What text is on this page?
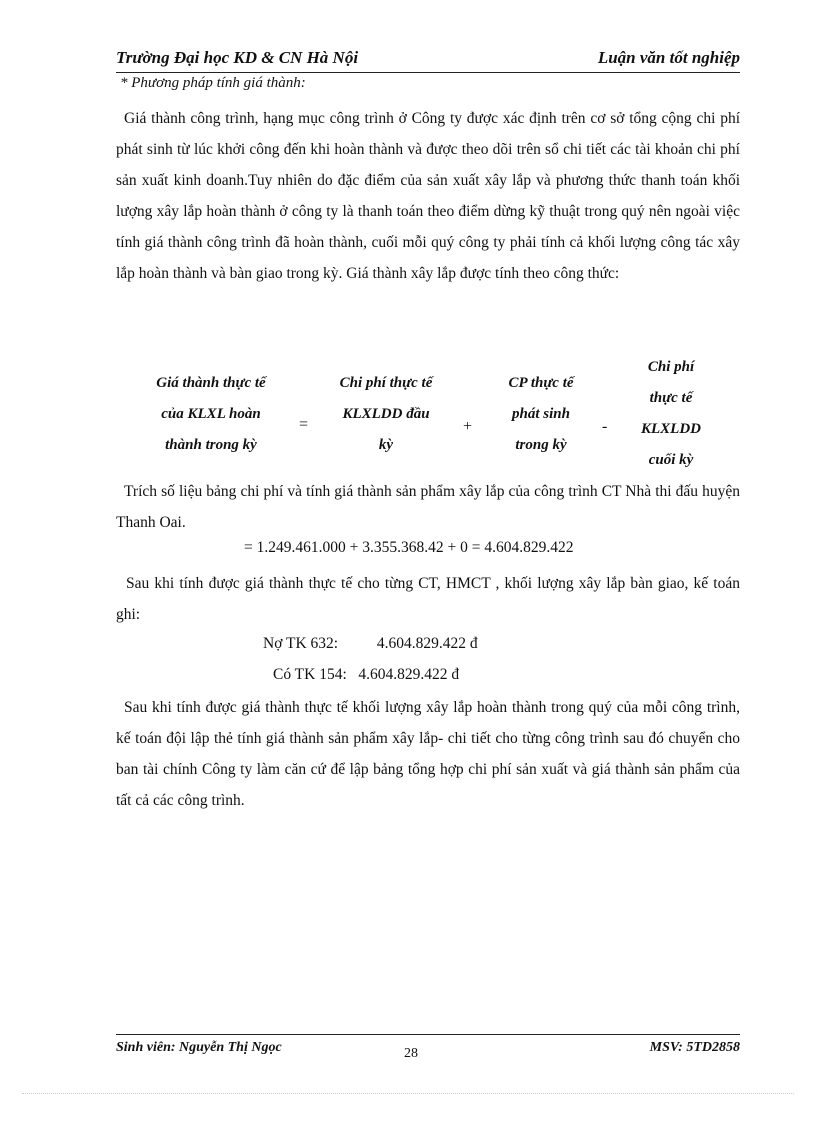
Trường Đại học KD & CN Hà Nội	Luận văn tốt nghiệp
* Phương pháp tính giá thành:

Giá thành công trình, hạng mục công trình ở Công ty được xác định trên cơ sở tổng cộng chi phí phát sinh từ lúc khởi công đến khi hoàn thành và được theo dõi trên sổ chi tiết các tài khoản chi phí sản xuất kinh doanh.Tuy nhiên do đặc điểm của sản xuất xây lắp và phương thức thanh toán khối lượng xây lắp hoàn thành ở công ty là thanh toán theo điểm dừng kỹ thuật trong quý nên ngoài việc tính giá thành công trình đã hoàn thành, cuối mỗi quý công ty phải tính cả khối lượng công tác xây lắp hoàn thành và bàn giao trong kỳ. Giá thành xây lắp được tính theo công thức:

Giá thành thực tế
của KLXL hoàn
thành trong kỳ
=
Chi phí thực tế
KLXLDD đầu
kỳ
+
CP thực tế
phát sinh
trong kỳ
-
Chi phí
thực tế
KLXLDD
cuối kỳ

Trích số liệu bảng chi phí và tính giá thành sản phẩm xây lắp của công trình CT Nhà thi đấu huyện Thanh Oai.

= 1.249.461.000 + 3.355.368.42 + 0 = 4.604.829.422

Sau khi tính được giá thành thực tế cho từng CT, HMCT , khối lượng xây lắp bàn giao, kế toán ghi:

Nợ TK 632:          4.604.829.422 đ
Có TK 154:   4.604.829.422 đ

Sau khi tính được giá thành thực tế khối lượng xây lắp hoàn thành trong quý của mỗi công trình, kế toán đội lập thẻ tính giá thành sản phẩm xây lắp- chi tiết cho từng công trình sau đó chuyển cho ban tài chính Công ty làm căn cứ để lập bảng tổng hợp chi phí sản xuất và giá thành sản phẩm của tất cả các công trình.

Sinh viên: Nguyễn Thị Ngọc	MSV: 5TD2858
28
